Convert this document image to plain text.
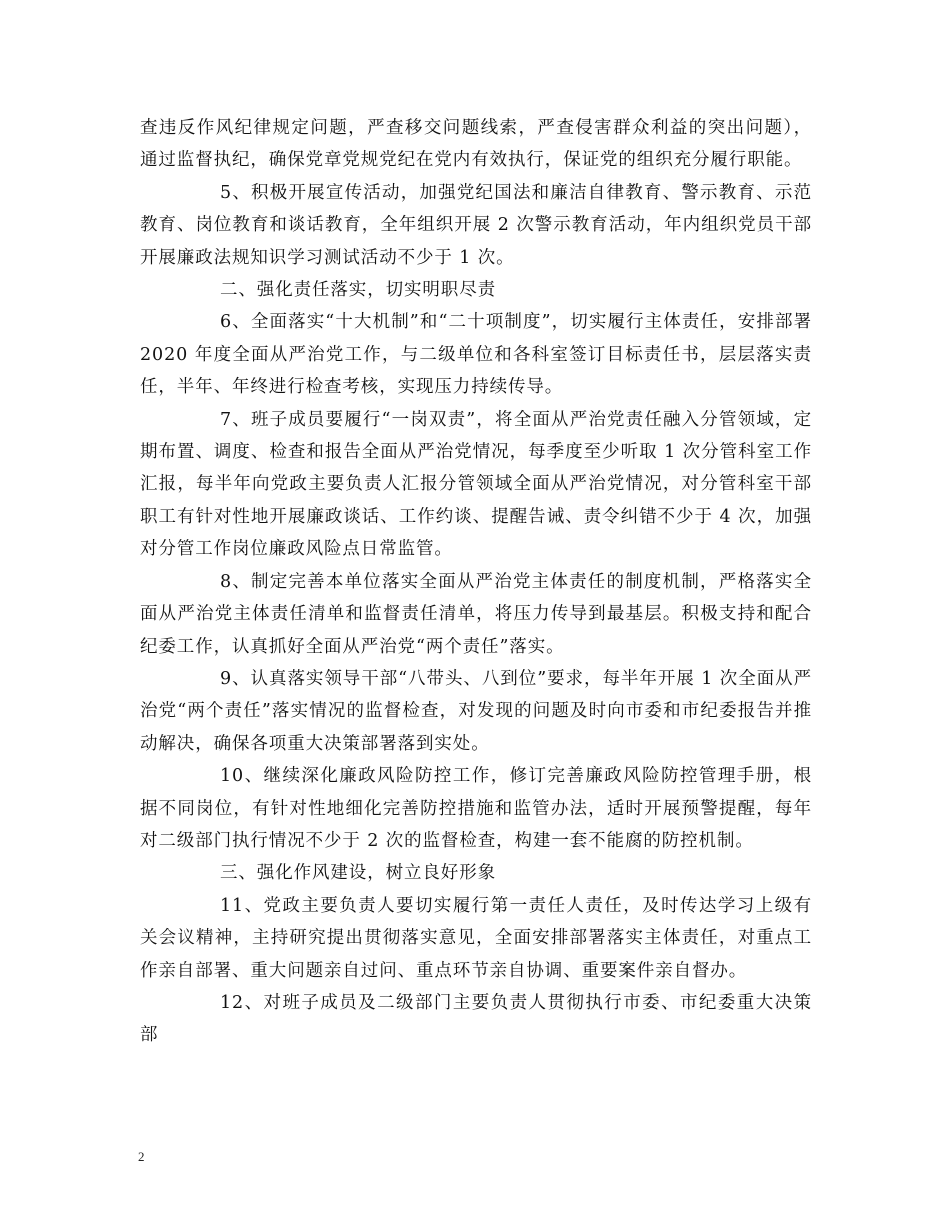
查违反作风纪律规定问题，严查移交问题线索，严查侵害群众利益的突出问题），通过监督执纪，确保党章党规党纪在党内有效执行，保证党的组织充分履行职能。

5、积极开展宣传活动，加强党纪国法和廉洁自律教育、警示教育、示范教育、岗位教育和谈话教育，全年组织开展 2 次警示教育活动，年内组织党员干部开展廉政法规知识学习测试活动不少于 1 次。

二、强化责任落实，切实明职尽责

6、全面落实“十大机制”和“二十项制度”，切实履行主体责任，安排部署 2020 年度全面从严治党工作，与二级单位和各科室签订目标责任书，层层落实责任，半年、年终进行检查考核，实现压力持续传导。

7、班子成员要履行“一岗双责”，将全面从严治党责任融入分管领域，定期布置、调度、检查和报告全面从严治党情况，每季度至少听取 1 次分管科室工作汇报，每半年向党政主要负责人汇报分管领域全面从严治党情况，对分管科室干部职工有针对性地开展廉政谈话、工作约谈、提醒告诫、责令纠错不少于 4 次，加强对分管工作岗位廉政风险点日常监管。

8、制定完善本单位落实全面从严治党主体责任的制度机制，严格落实全面从严治党主体责任清单和监督责任清单，将压力传导到最基层。积极支持和配合纪委工作，认真抓好全面从严治党“两个责任”落实。

9、认真落实领导干部“八带头、八到位”要求，每半年开展 1 次全面从严治党“两个责任”落实情况的监督检查，对发现的问题及时向市委和市纪委报告并推动解决，确保各项重大决策部署落到实处。

10、继续深化廉政风险防控工作，修订完善廉政风险防控管理手册，根据不同岗位，有针对性地细化完善防控措施和监管办法，适时开展预警提醒，每年对二级部门执行情况不少于 2 次的监督检查，构建一套不能腐的防控机制。

三、强化作风建设，树立良好形象

11、党政主要负责人要切实履行第一责任人责任，及时传达学习上级有关会议精神，主持研究提出贯彻落实意见，全面安排部署落实主体责任，对重点工作亲自部署、重大问题亲自过问、重点环节亲自协调、重要案件亲自督办。

12、对班子成员及二级部门主要负责人贯彻执行市委、市纪委重大决策部

2
